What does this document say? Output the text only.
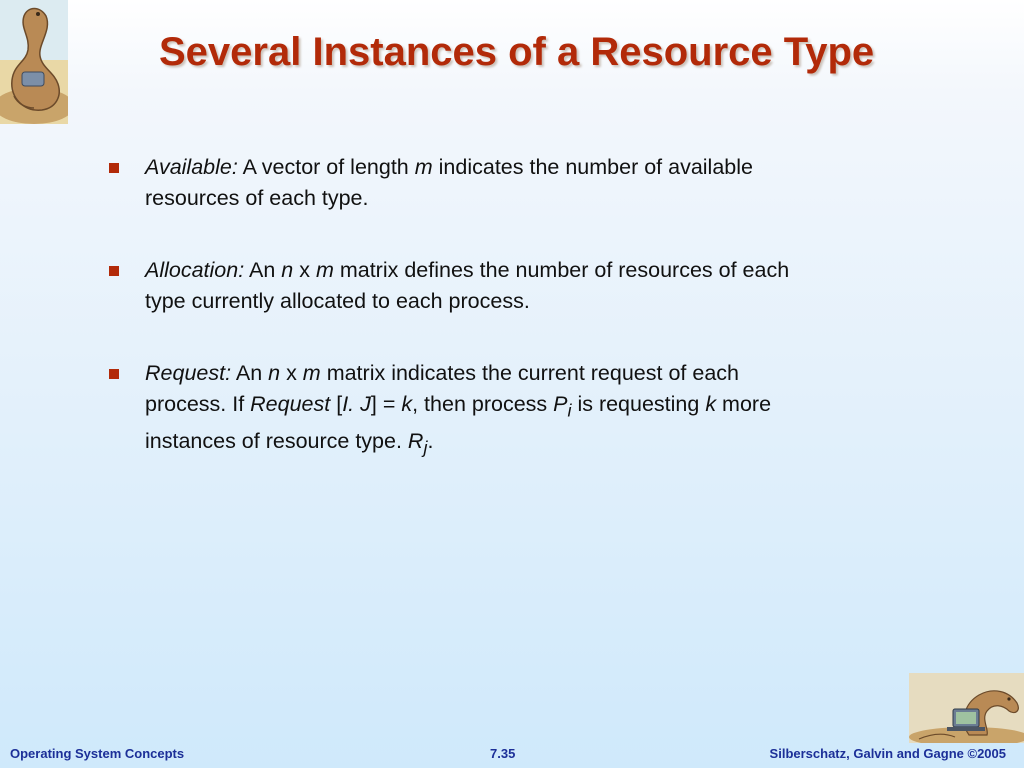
Several Instances of a Resource Type
Available: A vector of length m indicates the number of available resources of each type.
Allocation: An n x m matrix defines the number of resources of each type currently allocated to each process.
Request: An n x m matrix indicates the current request of each process. If Request [I. J] = k, then process $P_i$ is requesting k more instances of resource type. $R_j$.
Operating System Concepts	7.35	Silberschatz, Galvin and Gagne ©2005
